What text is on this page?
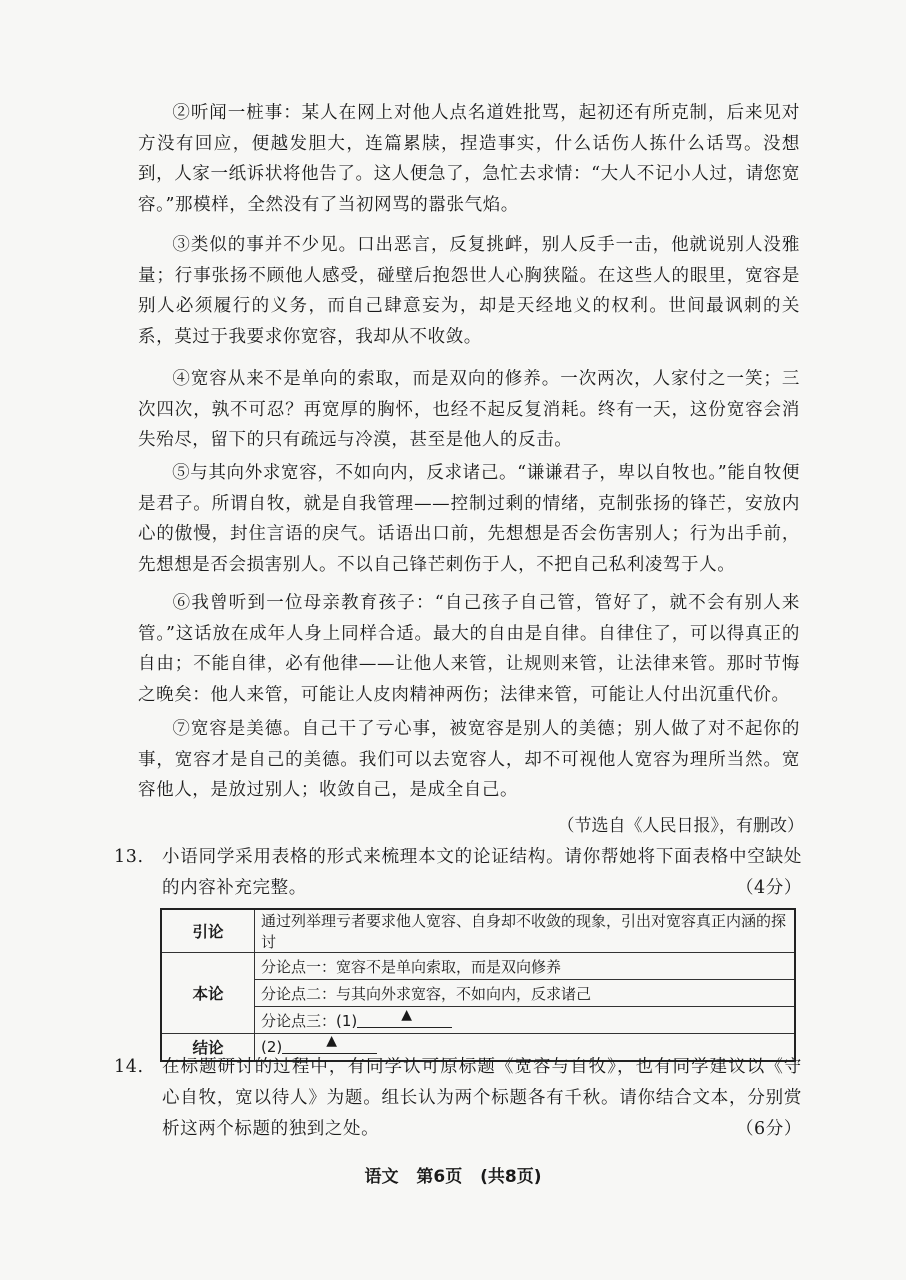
②听闻一桩事：某人在网上对他人点名道姓批骂，起初还有所克制，后来见对方没有回应，便越发胆大，连篇累牍，捏造事实，什么话伤人拣什么话骂。没想到，人家一纸诉状将他告了。这人便急了，急忙去求情：“大人不记小人过，请您宽容。”那模样，全然没有了当初网骂的嚣张气焰。

③类似的事并不少见。口出恶言，反复挑衅，别人反手一击，他就说别人没雅量；行事张扬不顾他人感受，碰壁后抱怨世人心胸狭隘。在这些人的眼里，宽容是别人必须履行的义务，而自己肆意妄为，却是天经地义的权利。世间最讽刺的关系，莫过于我要求你宽容，我却从不收敛。

④宽容从来不是单向的索取，而是双向的修养。一次两次，人家付之一笑；三次四次，孰不可忍？再宽厚的胸怀，也经不起反复消耗。终有一天，这份宽容会消失殆尽，留下的只有疏远与冷漠，甚至是他人的反击。

⑤与其向外求宽容，不如向内，反求诸己。“谦谦君子，卑以自牧也。”能自牧便是君子。所谓自牧，就是自我管理——控制过剩的情绪，克制张扬的锋芒，安放内心的傲慢，封住言语的戾气。话语出口前，先想想是否会伤害别人；行为出手前，先想想是否会损害别人。不以自己锋芒刺伤于人，不把自己私利凌驾于人。

⑥我曾听到一位母亲教育孩子：“自己孩子自己管，管好了，就不会有别人来管。”这话放在成年人身上同样合适。最大的自由是自律。自律住了，可以得真正的自由；不能自律，必有他律——让他人来管，让规则来管，让法律来管。那时节悔之晚矣：他人来管，可能让人皮肉精神两伤；法律来管，可能让人付出沉重代价。

⑦宽容是美德。自己干了亏心事，被宽容是别人的美德；别人做了对不起你的事，宽容才是自己的美德。我们可以去宽容人，却不可视他人宽容为理所当然。宽容他人，是放过别人；收敛自己，是成全自己。

（节选自《人民日报》，有删改）

13. 小语同学采用表格的形式来梳理本文的论证结构。请你帮她将下面表格中空缺处的内容补充完整。	（4分）
引论	通过列举理亏者要求他人宽容、自身却不收敛的现象，引出对宽容真正内涵的探讨
本论	分论点一：宽容不是单向索取，而是双向修养
	分论点二：与其向外求宽容，不如向内，反求诸己
	分论点三：(1) ▲

结论	(2) ▲
14. 在标题研讨的过程中，有同学认可原标题《宽容与自牧》，也有同学建议以《守心自牧，宽以待人》为题。组长认为两个标题各有千秋。请你结合文本，分别赏析这两个标题的独到之处。	（6分）
语文 第6页 (共8页)
